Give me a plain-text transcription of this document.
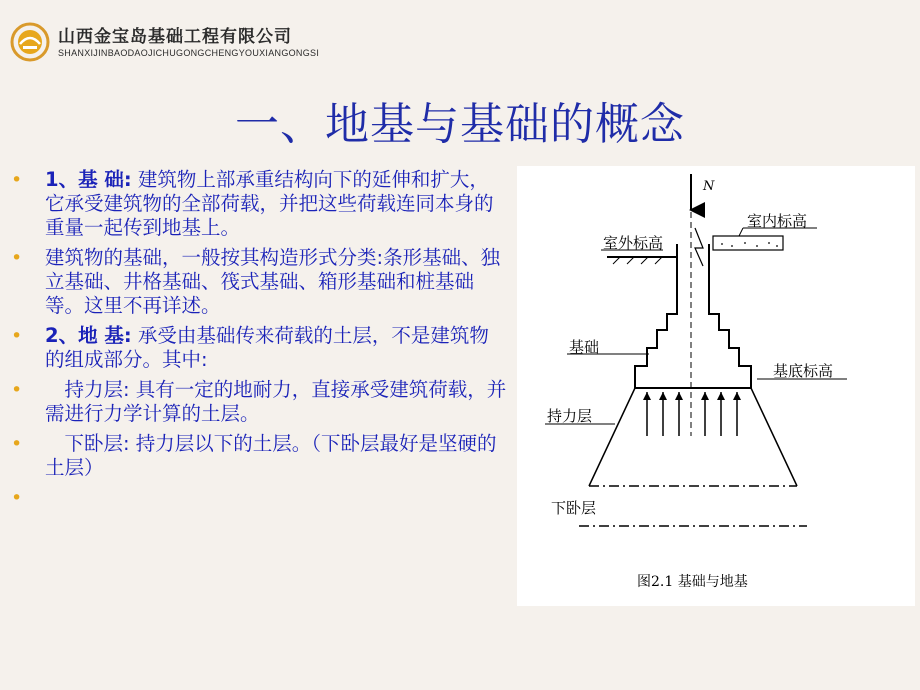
山西金宝岛基础工程有限公司
SHANXIJINBAODAOJICHUGONGCHENGYOUXIANGONGSI
一、地基与基础的概念
• 1、基 础: 建筑物上部承重结构向下的延伸和扩大，它承受建筑物的全部荷载，并把这些荷载连同本身的重量一起传到地基上。
• 建筑物的基础，一般按其构造形式分类:条形基础、独立基础、井格基础、筏式基础、箱形基础和桩基础等。这里不再详述。
• 2、地 基: 承受由基础传来荷载的土层，不是建筑物的组成部分。其中:
• 　持力层: 具有一定的地耐力，直接承受建筑荷载，并需进行力学计算的土层。
• 　下卧层: 持力层以下的土层。（下卧层最好是坚硬的土层）
•
N
室内标高
室外标高
基础
基底标高
持力层
下卧层
图2.1 基础与地基
